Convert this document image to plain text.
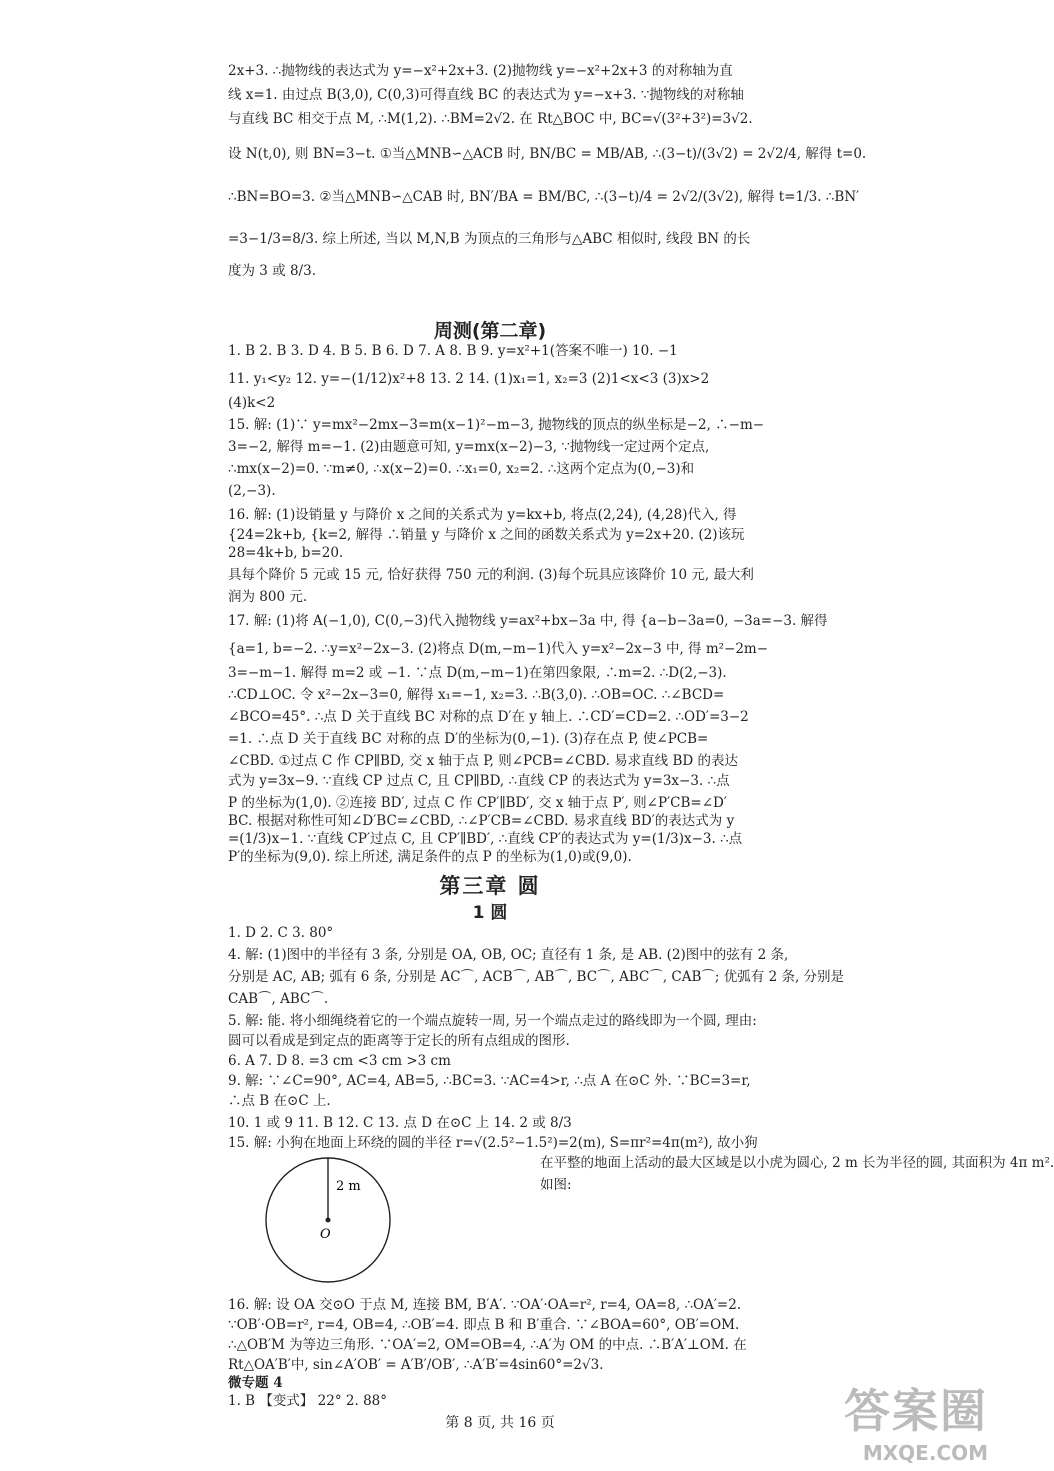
2x+3. ∴抛物线的表达式为 y=−x²+2x+3. (2)抛物线 y=−x²+2x+3 的对称轴为直
线 x=1. 由过点 B(3,0), C(0,3)可得直线 BC 的表达式为 y=−x+3. ∵抛物线的对称轴
与直线 BC 相交于点 M, ∴M(1,2). ∴BM=2√2. 在 Rt△BOC 中, BC=√(3²+3²)=3√2.
设 N(t,0), 则 BN=3−t. ①当△MNB∽△ACB 时, BN/BC = MB/AB, ∴(3−t)/(3√2) = 2√2/4, 解得 t=0.
∴BN=BO=3. ②当△MNB∽△CAB 时, BN′/BA = BM/BC, ∴(3−t)/4 = 2√2/(3√2), 解得 t=1/3. ∴BN′
=3−1/3=8/3. 综上所述, 当以 M,N,B 为顶点的三角形与△ABC 相似时, 线段 BN 的长
度为 3 或 8/3.
周测(第二章)
1. B 2. B 3. D 4. B 5. B 6. D 7. A 8. B 9. y=x²+1(答案不唯一) 10. −1
11. y₁<y₂ 12. y=−(1/12)x²+8 13. 2 14. (1)x₁=1, x₂=3 (2)1<x<3 (3)x>2
(4)k<2
15. 解: (1)∵ y=mx²−2mx−3=m(x−1)²−m−3, 抛物线的顶点的纵坐标是−2, ∴−m−
3=−2, 解得 m=−1. (2)由题意可知, y=mx(x−2)−3, ∵抛物线一定过两个定点,
∴mx(x−2)=0. ∵m≠0, ∴x(x−2)=0. ∴x₁=0, x₂=2. ∴这两个定点为(0,−3)和
(2,−3).
16. 解: (1)设销量 y 与降价 x 之间的关系式为 y=kx+b, 将点(2,24), (4,28)代入, 得
{24=2k+b, {k=2, 解得 ∴销量 y 与降价 x 之间的函数关系式为 y=2x+20. (2)该玩
28=4k+b, b=20.
具每个降价 5 元或 15 元, 恰好获得 750 元的利润. (3)每个玩具应该降价 10 元, 最大利
润为 800 元.
17. 解: (1)将 A(−1,0), C(0,−3)代入抛物线 y=ax²+bx−3a 中, 得 {a−b−3a=0, −3a=−3. 解得
{a=1, b=−2. ∴y=x²−2x−3. (2)将点 D(m,−m−1)代入 y=x²−2x−3 中, 得 m²−2m−
3=−m−1. 解得 m=2 或 −1. ∵点 D(m,−m−1)在第四象限, ∴m=2. ∴D(2,−3).
∴CD⊥OC. 令 x²−2x−3=0, 解得 x₁=−1, x₂=3. ∴B(3,0). ∴OB=OC. ∴∠BCD=
∠BCO=45°. ∴点 D 关于直线 BC 对称的点 D′在 y 轴上. ∴CD′=CD=2. ∴OD′=3−2
=1. ∴点 D 关于直线 BC 对称的点 D′的坐标为(0,−1). (3)存在点 P, 使∠PCB=
∠CBD. ①过点 C 作 CP∥BD, 交 x 轴于点 P, 则∠PCB=∠CBD. 易求直线 BD 的表达
式为 y=3x−9. ∵直线 CP 过点 C, 且 CP∥BD, ∴直线 CP 的表达式为 y=3x−3. ∴点
P 的坐标为(1,0). ②连接 BD′, 过点 C 作 CP′∥BD′, 交 x 轴于点 P′, 则∠P′CB=∠D′
BC. 根据对称性可知∠D′BC=∠CBD, ∴∠P′CB=∠CBD. 易求直线 BD′的表达式为 y
=(1/3)x−1. ∵直线 CP′过点 C, 且 CP′∥BD′, ∴直线 CP′的表达式为 y=(1/3)x−3. ∴点
P′的坐标为(9,0). 综上所述, 满足条件的点 P 的坐标为(1,0)或(9,0).
第三章 圆
1 圆
1. D 2. C 3. 80°
4. 解: (1)图中的半径有 3 条, 分别是 OA, OB, OC; 直径有 1 条, 是 AB. (2)图中的弦有 2 条,
分别是 AC, AB; 弧有 6 条, 分别是 AC⌒, ACB⌒, AB⌒, BC⌒, ABC⌒, CAB⌒; 优弧有 2 条, 分别是
CAB⌒, ABC⌒.
5. 解: 能. 将小细绳绕着它的一个端点旋转一周, 另一个端点走过的路线即为一个圆, 理由:
圆可以看成是到定点的距离等于定长的所有点组成的图形.
6. A 7. D 8. =3 cm <3 cm >3 cm
9. 解: ∵∠C=90°, AC=4, AB=5, ∴BC=3. ∵AC=4>r, ∴点 A 在⊙C 外. ∵BC=3=r,
∴点 B 在⊙C 上.
10. 1 或 9 11. B 12. C 13. 点 D 在⊙C 上 14. 2 或 8/3
15. 解: 小狗在地面上环绕的圆的半径 r=√(2.5²−1.5²)=2(m), S=πr²=4π(m²), 故小狗
在平整的地面上活动的最大区域是以小虎为圆心, 2 m 长为半径的圆, 其面积为 4π m².
如图:
2 m
O
16. 解: 设 OA 交⊙O 于点 M, 连接 BM, B′A′. ∵OA′·OA=r², r=4, OA=8, ∴OA′=2.
∵OB′·OB=r², r=4, OB=4, ∴OB′=4. 即点 B 和 B′重合. ∵∠BOA=60°, OB′=OM.
∴△OB′M 为等边三角形. ∵OA′=2, OM=OB=4, ∴A′为 OM 的中点. ∴B′A′⊥OM. 在
Rt△OA′B′中, sin∠A′OB′ = A′B′/OB′, ∴A′B′=4sin60°=2√3.
微专题 4
1. B 【变式】 22° 2. 88°
第 8 页, 共 16 页	答案圈
MXQE.COM
